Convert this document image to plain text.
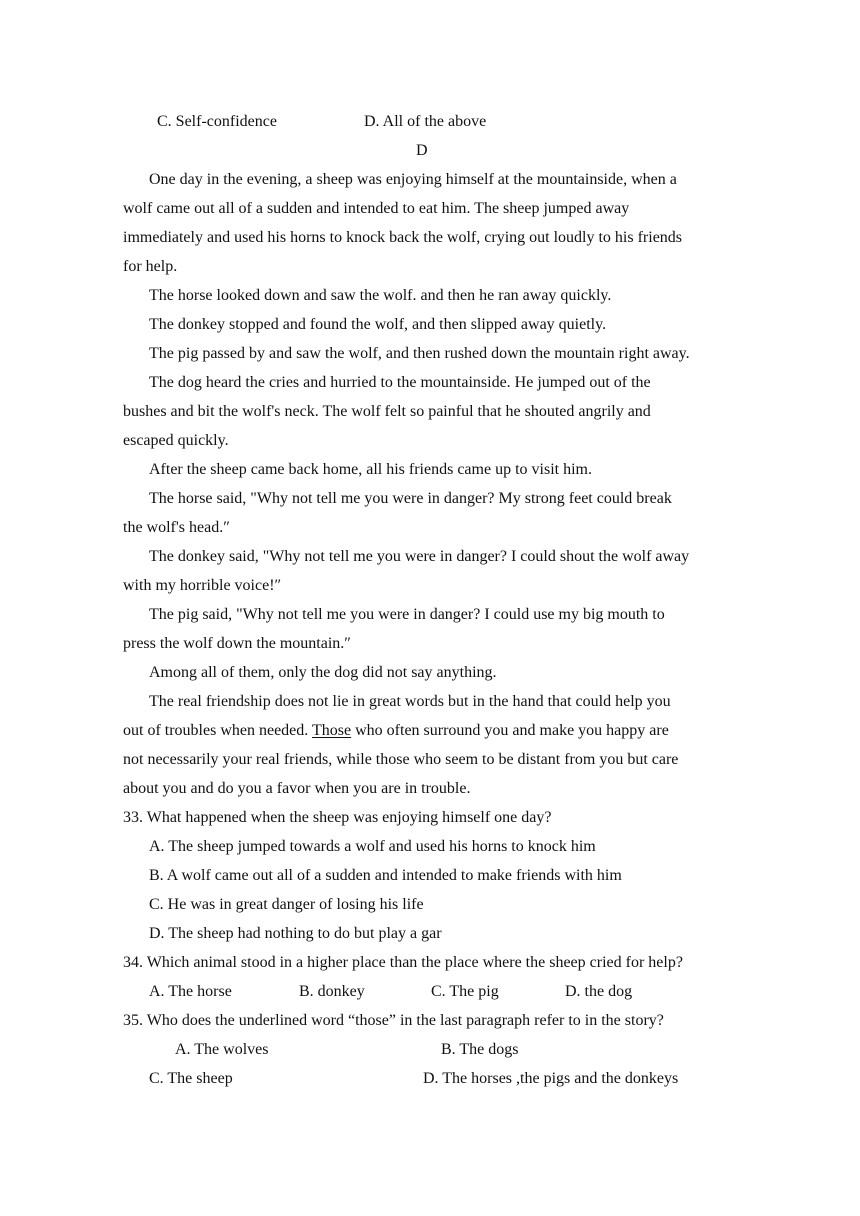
C. Self-confidence	D. All of the above
D
One day in the evening, a sheep was enjoying himself at the mountainside, when a
wolf came out all of a sudden and intended to eat him. The sheep jumped away
immediately and used his horns to knock back the wolf, crying out loudly to his friends
for help.
The horse looked down and saw the wolf. and then he ran away quickly.
The donkey stopped and found the wolf, and then slipped away quietly.
The pig passed by and saw the wolf, and then rushed down the mountain right away.
The dog heard the cries and hurried to the mountainside. He jumped out of the
bushes and bit the wolf's neck. The wolf felt so painful that he shouted angrily and
escaped quickly.
After the sheep came back home, all his friends came up to visit him.
The horse said, "Why not tell me you were in danger? My strong feet could break
the wolf's head.″
The donkey said, "Why not tell me you were in danger? I could shout the wolf away
with my horrible voice!″
The pig said, "Why not tell me you were in danger? I could use my big mouth to
press the wolf down the mountain.″
Among all of them, only the dog did not say anything.
The real friendship does not lie in great words but in the hand that could help you
out of troubles when needed. Those who often surround you and make you happy are
not necessarily your real friends, while those who seem to be distant from you but care
about you and do you a favor when you are in trouble.
33. What happened when the sheep was enjoying himself one day?
A. The sheep jumped towards a wolf and used his horns to knock him
B. A wolf came out all of a sudden and intended to make friends with him
C. He was in great danger of losing his life
D. The sheep had nothing to do but play a gar
34. Which animal stood in a higher place than the place where the sheep cried for help?
A. The horse	B. donkey	C. The pig	D. the dog
35. Who does the underlined word “those” in the last paragraph refer to in the story?
A. The wolves	B. The dogs
C. The sheep	D. The horses ,the pigs and the donkeys
